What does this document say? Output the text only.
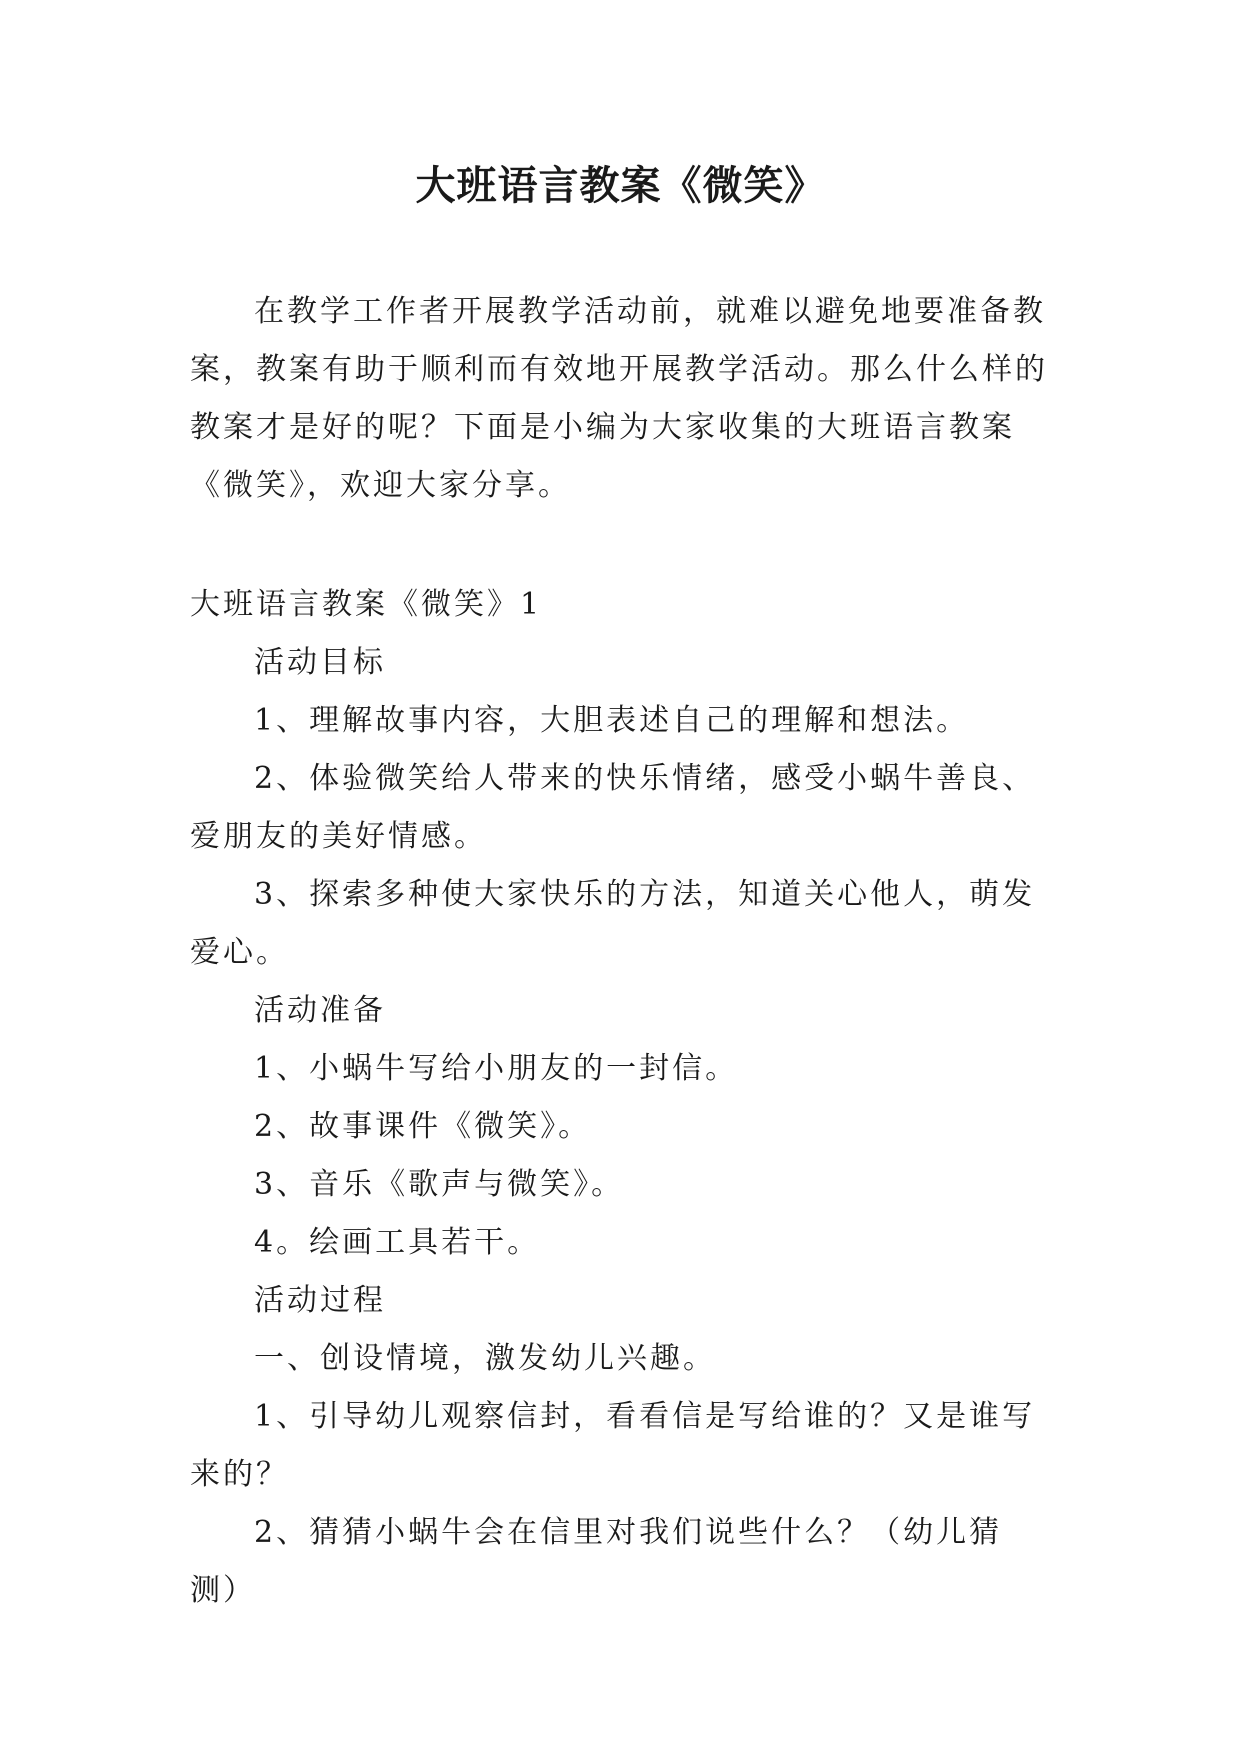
大班语言教案《微笑》

在教学工作者开展教学活动前，就难以避免地要准备教案，教案有助于顺利而有效地开展教学活动。那么什么样的教案才是好的呢？下面是小编为大家收集的大班语言教案《微笑》，欢迎大家分享。

大班语言教案《微笑》1

活动目标

1、理解故事内容，大胆表述自己的理解和想法。

2、体验微笑给人带来的快乐情绪，感受小蜗牛善良、爱朋友的美好情感。

3、探索多种使大家快乐的方法，知道关心他人，萌发爱心。

活动准备

1、小蜗牛写给小朋友的一封信。

2、故事课件《微笑》。

3、音乐《歌声与微笑》。

4。绘画工具若干。

活动过程

一、创设情境，激发幼儿兴趣。

1、引导幼儿观察信封，看看信是写给谁的？又是谁写来的？

2、猜猜小蜗牛会在信里对我们说些什么？（幼儿猜测）
